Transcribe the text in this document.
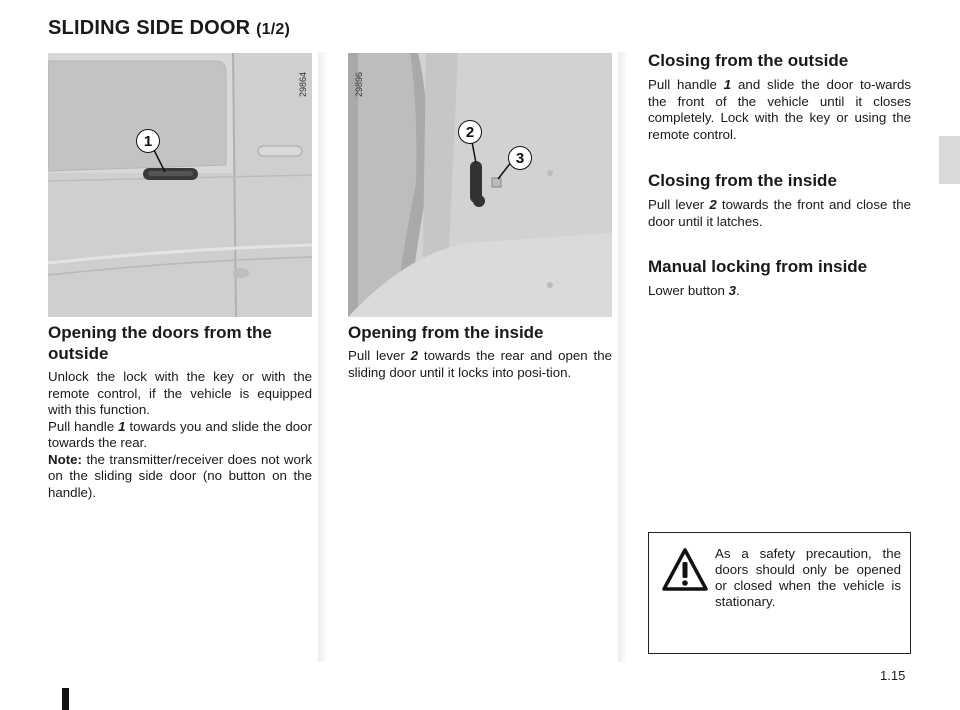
SLIDING SIDE DOOR (1/2)
1
29864
2
3
29896
Opening the doors from the
outside

Unlock the lock with the key or with the remote control, if the vehicle is equipped with this function.
Pull handle 1 towards you and slide the door towards the rear.
Note: the transmitter/receiver does not work on the sliding side door (no button on the handle).

Opening from the inside

Pull lever 2 towards the rear and open the sliding door until it locks into posi-tion.

Closing from the outside

Pull handle 1 and slide the door to-wards the front of the vehicle until it closes completely. Lock with the key or using the remote control.

Closing from the inside

Pull lever 2 towards the front and close the door until it latches.

Manual locking from inside

Lower button 3.

As a safety precaution, the doors should only be opened or closed when the vehicle is stationary.

1.15
